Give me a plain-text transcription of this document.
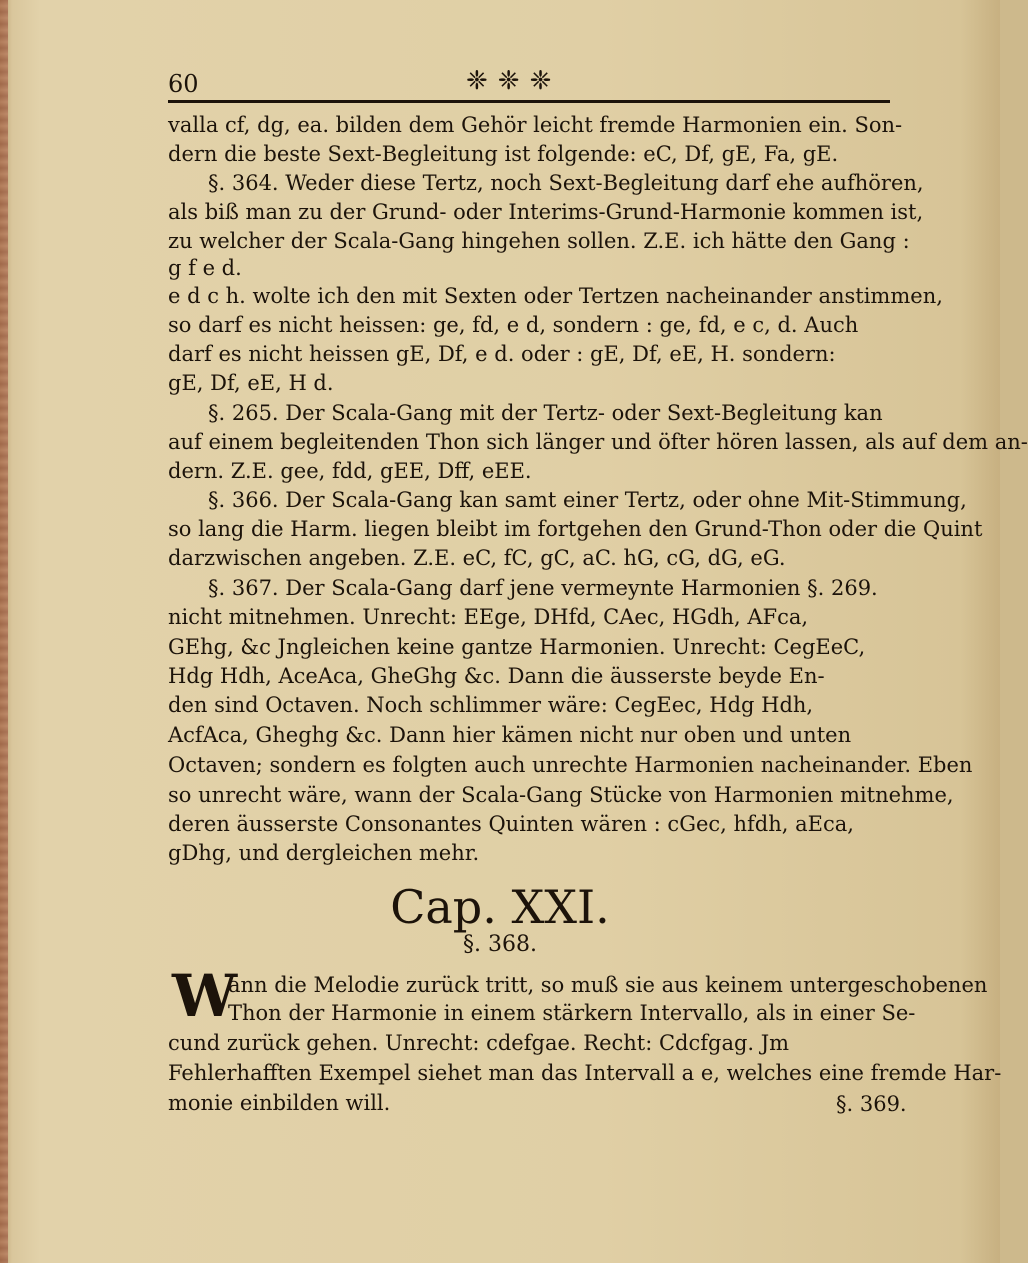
60	❈❈❈
valla cf, dg, ea. bilden dem Gehör leicht fremde Harmonien ein. Son-
dern die beste Sext-Begleitung ist folgende: eC, Df, gE, Fa, gE.
§. 364. Weder diese Tertz, noch Sext-Begleitung darf ehe aufhören,
als biß man zu der Grund- oder Interims-Grund-Harmonie kommen ist,
zu welcher der Scala-Gang hingehen sollen. Z.E. ich hätte den Gang :
g f e d.
e d c h. wolte ich den mit Sexten oder Tertzen nacheinander anstimmen,
so darf es nicht heissen: ge, fd, e d, sondern : ge, fd, e c, d. Auch
darf es nicht heissen gE, Df, e d. oder : gE, Df, eE, H. sondern:
gE, Df, eE, H d.
§. 265. Der Scala-Gang mit der Tertz- oder Sext-Begleitung kan
auf einem begleitenden Thon sich länger und öfter hören lassen, als auf dem an-
dern. Z.E. gee, fdd, gEE, Dff, eEE.
§. 366. Der Scala-Gang kan samt einer Tertz, oder ohne Mit-Stimmung,
so lang die Harm. liegen bleibt im fortgehen den Grund-Thon oder die Quint
darzwischen angeben. Z.E. eC, fC, gC, aC. hG, cG, dG, eG.
§. 367. Der Scala-Gang darf jene vermeynte Harmonien §. 269.
nicht mitnehmen. Unrecht: EEge, DHfd, CAec, HGdh, AFca,
GEhg, &c Jngleichen keine gantze Harmonien. Unrecht: CegEeC,
Hdg Hdh, AceAca, GheGhg &c. Dann die äusserste beyde En-
den sind Octaven. Noch schlimmer wäre: CegEec, Hdg Hdh,
AcfAca, Gheghg &c. Dann hier kämen nicht nur oben und unten
Octaven; sondern es folgten auch unrechte Harmonien nacheinander. Eben
so unrecht wäre, wann der Scala-Gang Stücke von Harmonien mitnehme,
deren äusserste Consonantes Quinten wären : cGec, hfdh, aEca,
gDhg, und dergleichen mehr.
Cap. XXI.
§. 368.
W
ann die Melodie zurück tritt, so muß sie aus keinem untergeschobenen
Thon der Harmonie in einem stärkern Intervallo, als in einer Se-
cund zurück gehen. Unrecht: cdefgae. Recht: Cdcfgag. Jm
Fehlerhafften Exempel siehet man das Intervall a e, welches eine fremde Har-
monie einbilden will.	§. 369.
